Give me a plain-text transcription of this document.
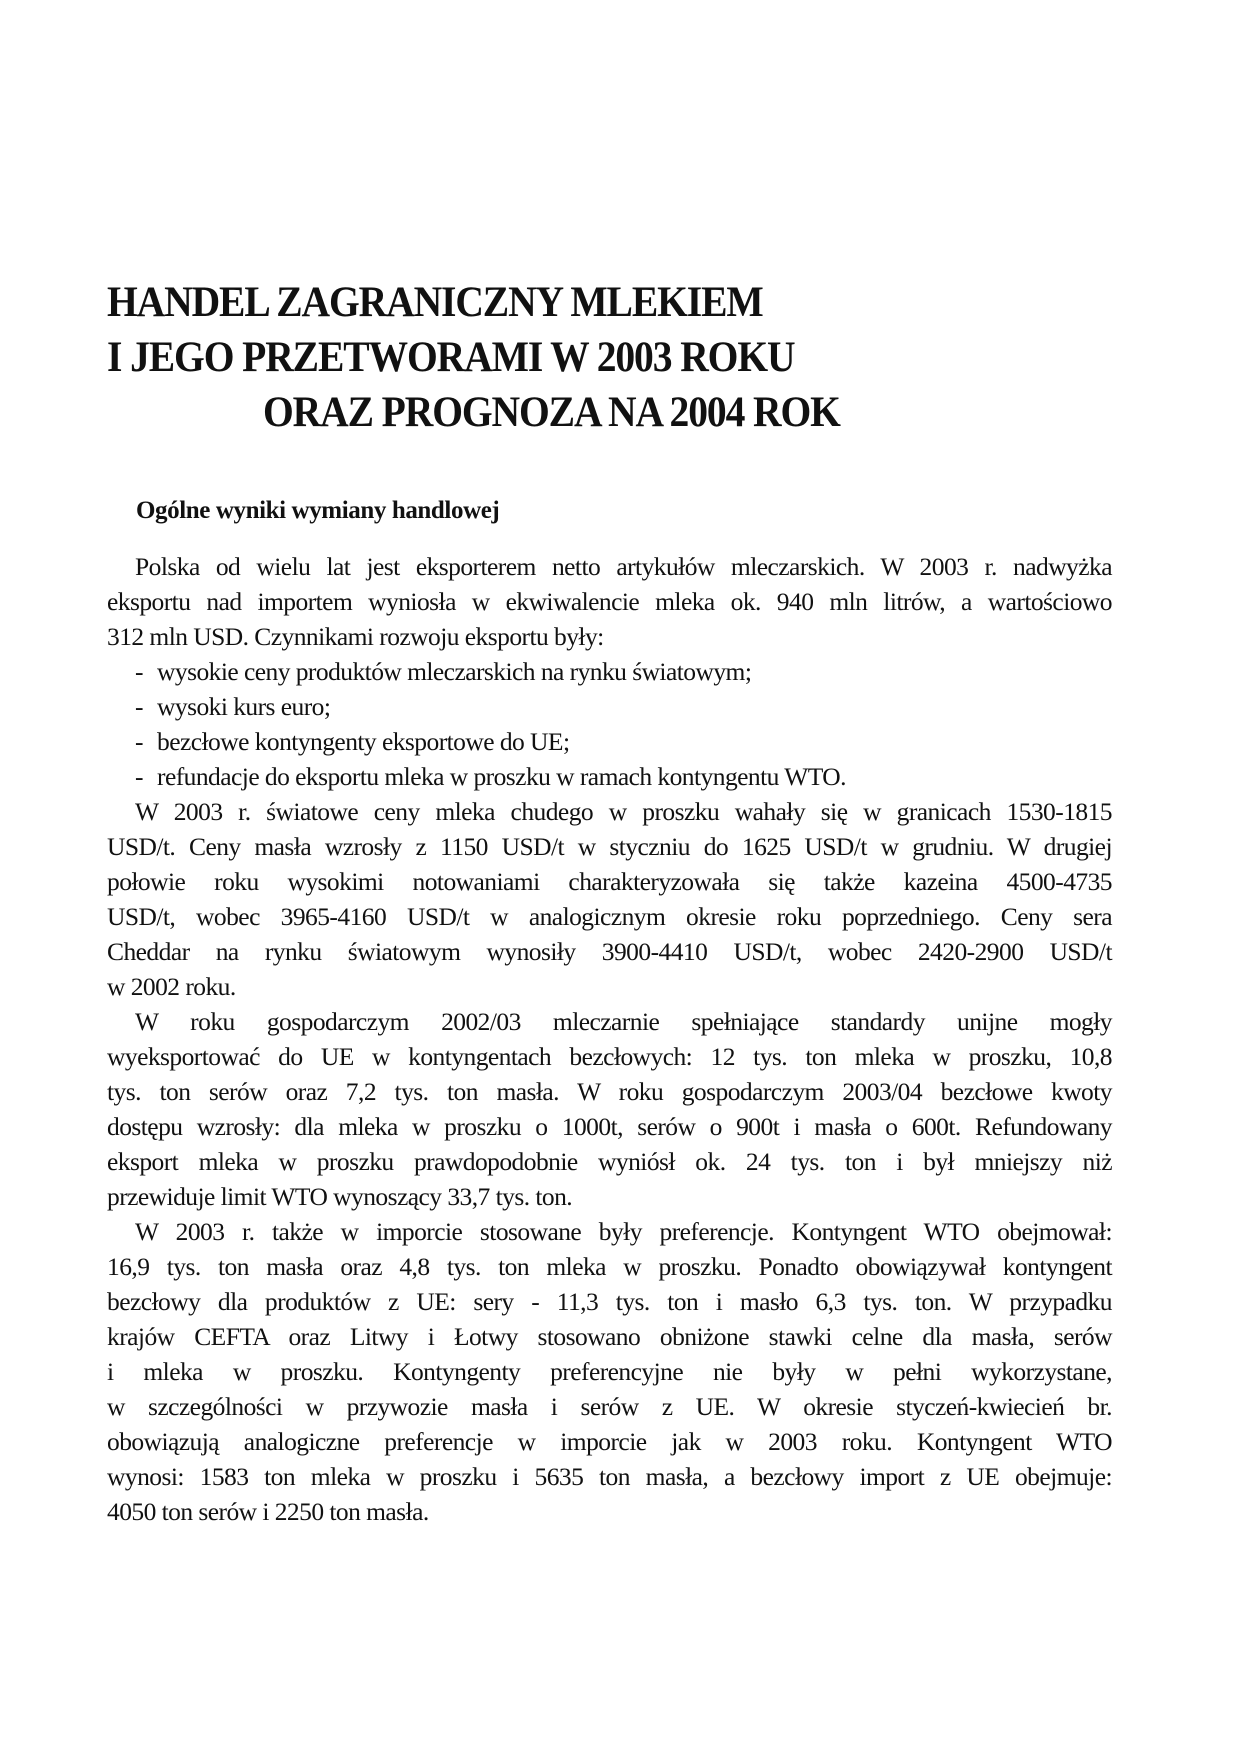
HANDEL ZAGRANICZNY MLEKIEM
I JEGO PRZETWORAMI W 2003 ROKU
ORAZ PROGNOZA NA 2004 ROK
Ogólne wyniki wymiany handlowej
Polska od wielu lat jest eksporterem netto artykułów mleczarskich. W 2003 r. nadwyżka
eksportu nad importem wyniosła w ekwiwalencie mleka ok. 940 mln litrów, a wartościowo
312 mln USD. Czynnikami rozwoju eksportu były:
- wysokie ceny produktów mleczarskich na rynku światowym;
- wysoki kurs euro;
- bezcłowe kontyngenty eksportowe do UE;
- refundacje do eksportu mleka w proszku w ramach kontyngentu WTO.
W 2003 r. światowe ceny mleka chudego w proszku wahały się w granicach 1530-1815
USD/t. Ceny masła wzrosły z 1150 USD/t w styczniu do 1625 USD/t w grudniu. W drugiej
połowie roku wysokimi notowaniami charakteryzowała się także kazeina 4500-4735
USD/t, wobec 3965-4160 USD/t w analogicznym okresie roku poprzedniego. Ceny sera
Cheddar na rynku światowym wynosiły 3900-4410 USD/t, wobec 2420-2900 USD/t
w 2002 roku.
W roku gospodarczym 2002/03 mleczarnie spełniające standardy unijne mogły
wyeksportować do UE w kontyngentach bezcłowych: 12 tys. ton mleka w proszku, 10,8
tys. ton serów oraz 7,2 tys. ton masła. W roku gospodarczym 2003/04 bezcłowe kwoty
dostępu wzrosły: dla mleka w proszku o 1000t, serów o 900t i masła o 600t. Refundowany
eksport mleka w proszku prawdopodobnie wyniósł ok. 24 tys. ton i był mniejszy niż
przewiduje limit WTO wynoszący 33,7 tys. ton.
W 2003 r. także w imporcie stosowane były preferencje. Kontyngent WTO obejmował:
16,9 tys. ton masła oraz 4,8 tys. ton mleka w proszku. Ponadto obowiązywał kontyngent
bezcłowy dla produktów z UE: sery - 11,3 tys. ton i masło 6,3 tys. ton. W przypadku
krajów CEFTA oraz Litwy i Łotwy stosowano obniżone stawki celne dla masła, serów
i mleka w proszku. Kontyngenty preferencyjne nie były w pełni wykorzystane,
w szczególności w przywozie masła i serów z UE. W okresie styczeń-kwiecień br.
obowiązują analogiczne preferencje w imporcie jak w 2003 roku. Kontyngent WTO
wynosi: 1583 ton mleka w proszku i 5635 ton masła, a bezcłowy import z UE obejmuje:
4050 ton serów i 2250 ton masła.
